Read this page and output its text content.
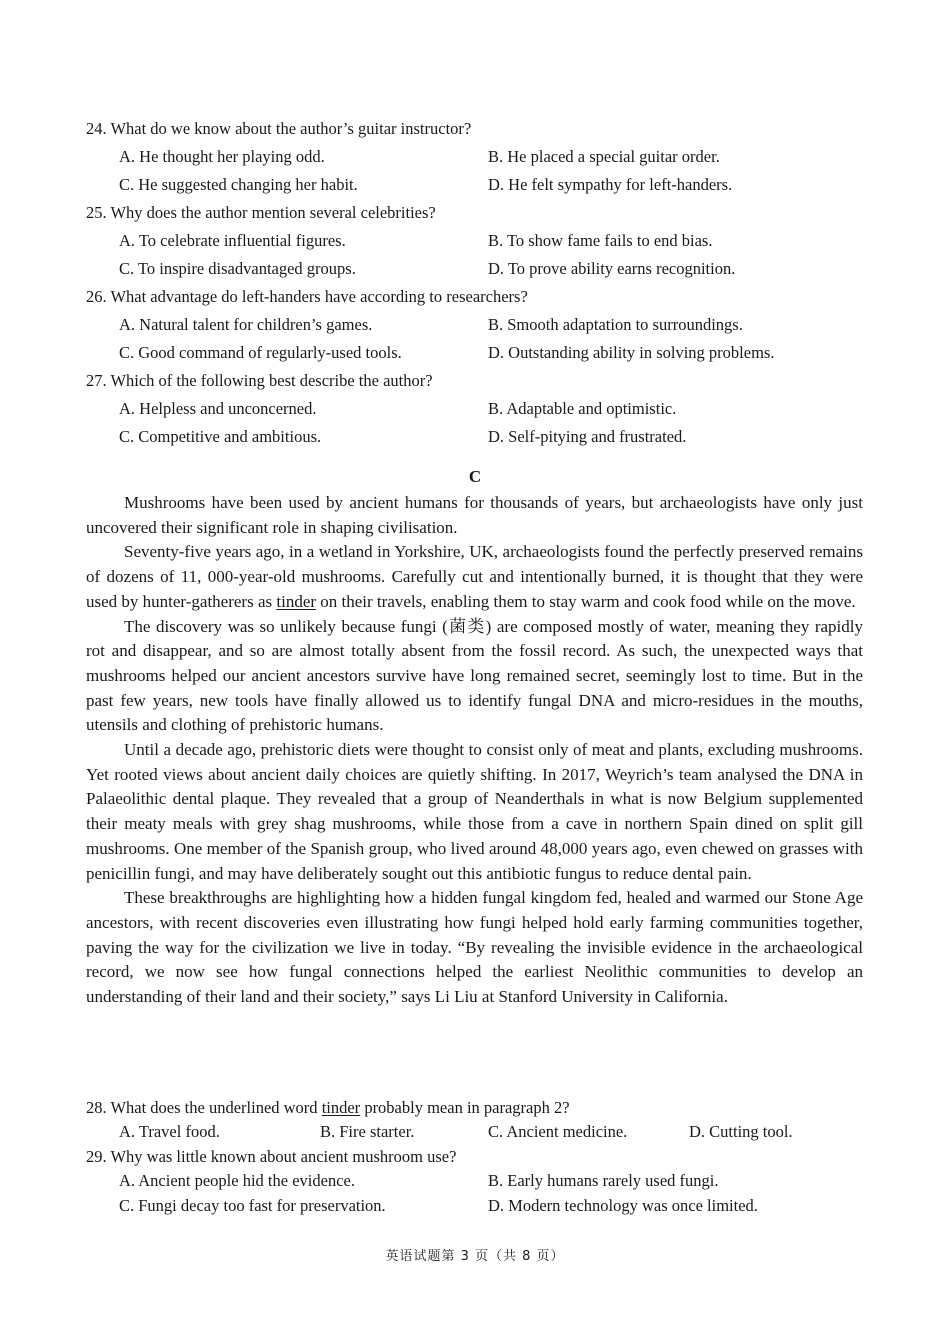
24. What do we know about the author’s guitar instructor?
A. He thought her playing odd.	B. He placed a special guitar order.
C. He suggested changing her habit.	D. He felt sympathy for left-handers.
25. Why does the author mention several celebrities?
A. To celebrate influential figures.	B. To show fame fails to end bias.
C. To inspire disadvantaged groups.	D. To prove ability earns recognition.
26. What advantage do left-handers have according to researchers?
A. Natural talent for children’s games.	B. Smooth adaptation to surroundings.
C. Good command of regularly-used tools.	D. Outstanding ability in solving problems.
27. Which of the following best describe the author?
A. Helpless and unconcerned.	B. Adaptable and optimistic.
C. Competitive and ambitious.	D. Self-pitying and frustrated.
C

Mushrooms have been used by ancient humans for thousands of years, but archaeologists have only just uncovered their significant role in shaping civilisation.

Seventy-five years ago, in a wetland in Yorkshire, UK, archaeologists found the perfectly preserved remains of dozens of 11, 000-year-old mushrooms. Carefully cut and intentionally burned, it is thought that they were used by hunter-gatherers as tinder on their travels, enabling them to stay warm and cook food while on the move.

The discovery was so unlikely because fungi (菌类) are composed mostly of water, meaning they rapidly rot and disappear, and so are almost totally absent from the fossil record. As such, the unexpected ways that mushrooms helped our ancient ancestors survive have long remained secret, seemingly lost to time. But in the past few years, new tools have finally allowed us to identify fungal DNA and micro-residues in the mouths, utensils and clothing of prehistoric humans.

Until a decade ago, prehistoric diets were thought to consist only of meat and plants, excluding mushrooms. Yet rooted views about ancient daily choices are quietly shifting. In 2017, Weyrich’s team analysed the DNA in Palaeolithic dental plaque. They revealed that a group of Neanderthals in what is now Belgium supplemented their meaty meals with grey shag mushrooms, while those from a cave in northern Spain dined on split gill mushrooms. One member of the Spanish group, who lived around 48,000 years ago, even chewed on grasses with penicillin fungi, and may have deliberately sought out this antibiotic fungus to reduce dental pain.

These breakthroughs are highlighting how a hidden fungal kingdom fed, healed and warmed our Stone Age ancestors, with recent discoveries even illustrating how fungi helped hold early farming communities together, paving the way for the civilization we live in today. “By revealing the invisible evidence in the archaeological record, we now see how fungal connections helped the earliest Neolithic communities to develop an understanding of their land and their society,” says Li Liu at Stanford University in California.

28. What does the underlined word tinder probably mean in paragraph 2?
A. Travel food.	B. Fire starter.	C. Ancient medicine.	D. Cutting tool.
29. Why was little known about ancient mushroom use?
A. Ancient people hid the evidence.	B. Early humans rarely used fungi.
C. Fungi decay too fast for preservation.	D. Modern technology was once limited.
英语试题第 3 页（共 8 页）
